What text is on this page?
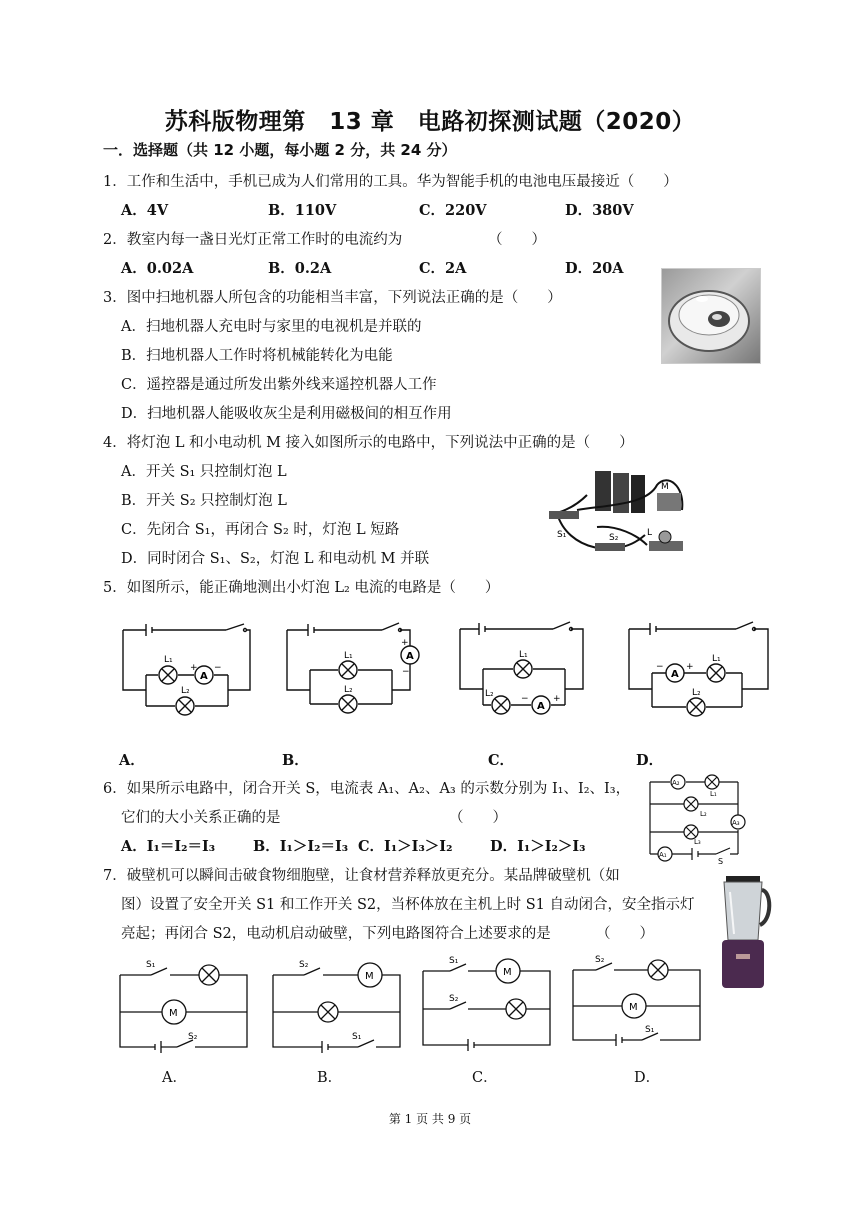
苏科版物理第　13 章　电路初探测试题（2020）
一．选择题（共 12 小题，每小题 2 分，共 24 分）
1．工作和生活中，手机已成为人们常用的工具。华为智能手机的电池电压最接近（　　）
A．4V	B．110V	C．220V	D．380V
2．教室内每一盏日光灯正常工作时的电流约为	（　　）
A．0.02A	B．0.2A	C．2A	D．20A
3．图中扫地机器人所包含的功能相当丰富，下列说法正确的是（　　）
A．扫地机器人充电时与家里的电视机是并联的
B．扫地机器人工作时将机械能转化为电能
C．遥控器是通过所发出紫外线来遥控机器人工作
D．扫地机器人能吸收灰尘是利用磁极间的相互作用
4．将灯泡 L 和小电动机 M 接入如图所示的电路中，下列说法中正确的是（　　）
A．开关 S₁ 只控制灯泡 L
B．开关 S₂ 只控制灯泡 L
C．先闭合 S₁，再闭合 S₂ 时，灯泡 L 短路
D．同时闭合 S₁、S₂，灯泡 L 和电动机 M 并联
M
S₁	S₂	L
5．如图所示，能正确地测出小灯泡 L₂ 电流的电路是（　　）
L₁
L₂
A
+ −
L₁
L₂
A
+
−
L₁
L₂
A
−	+
A
− +
L₁
L₂
A．	B．	C．	D．
6．如果所示电路中，闭合开关 S，电流表 A₁、A₂、A₃ 的示数分别为 I₁、I₂、I₃，
它们的大小关系正确的是	（　　）
A．I₁＝I₂＝I₃	B．I₁＞I₂＝I₃ C．I₁＞I₃＞I₂	D．I₁＞I₂＞I₃
A₂
L₁
L₂
A₃
L₃
A₁
S
7．破壁机可以瞬间击破食物细胞壁，让食材营养释放更充分。某品牌破壁机（如
图）设置了安全开关 S1 和工作开关 S2，当杯体放在主机上时 S1 自动闭合，安全指示灯
亮起；再闭合 S2，电动机启动破壁，下列电路图符合上述要求的是	（　　）
S₁
M
S₂
S₂
M
S₁
S₁
M
S₂
S₂
M
S₁
A．	B．	C．	D．
第 1 页 共 9 页
